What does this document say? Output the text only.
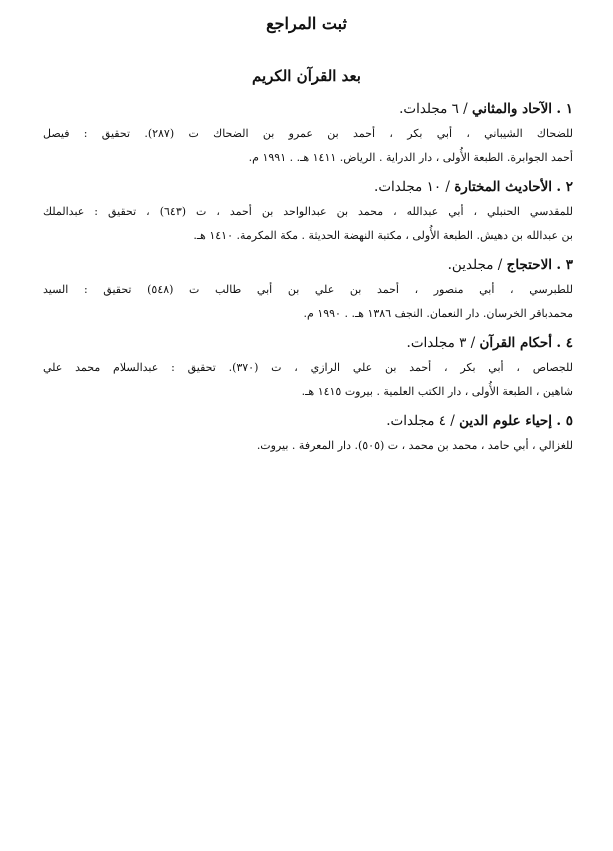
ثبت المراجع
بعد القرآن الكريم
١ . الآحاد والمثاني / ٦ مجلدات.
للضحاك الشيباني ، أبي بكر ، أحمد بن عمرو بن الضحاك ت (٢٨٧). تحقيق : فيصل
أحمد الجوابرة. الطبعة الأُولى ، دار الدراية . الرياض. ١٤١١ هـ. . ١٩٩١ م.
٢ . الأحاديث المختارة / ١٠ مجلدات.
للمقدسي الحنبلي ، أبي عبدالله ، محمد بن عبدالواحد بن أحمد ، ت (٦٤٣) ، تحقيق : عبدالملك
بن عبدالله بن دهيش. الطبعة الأُولى ، مكتبة النهضة الحديثة . مكة المكرمة. ١٤١٠ هـ.
٣ . الاحتجاج / مجلدين.
للطبرسي ، أبي منصور ، أحمد بن علي بن أبي طالب ت (٥٤٨) تحقيق : السيد
محمدباقر الخرسان. دار النعمان. النجف ١٣٨٦ هـ. . ١٩٩٠ م.
٤ . أحكام القرآن / ٣ مجلدات.
للجصاص ، أبي بكر ، أحمد بن علي الرازي ، ت (٣٧٠). تحقيق : عبدالسلام محمد علي
شاهين ، الطبعة الأُولى ، دار الكتب العلمية . بيروت ١٤١٥ هـ.
٥ . إحياء علوم الدين / ٤ مجلدات.
للغزالي ، أبي حامد ، محمد بن محمد ، ت (٥٠٥). دار المعرفة . بيروت.
